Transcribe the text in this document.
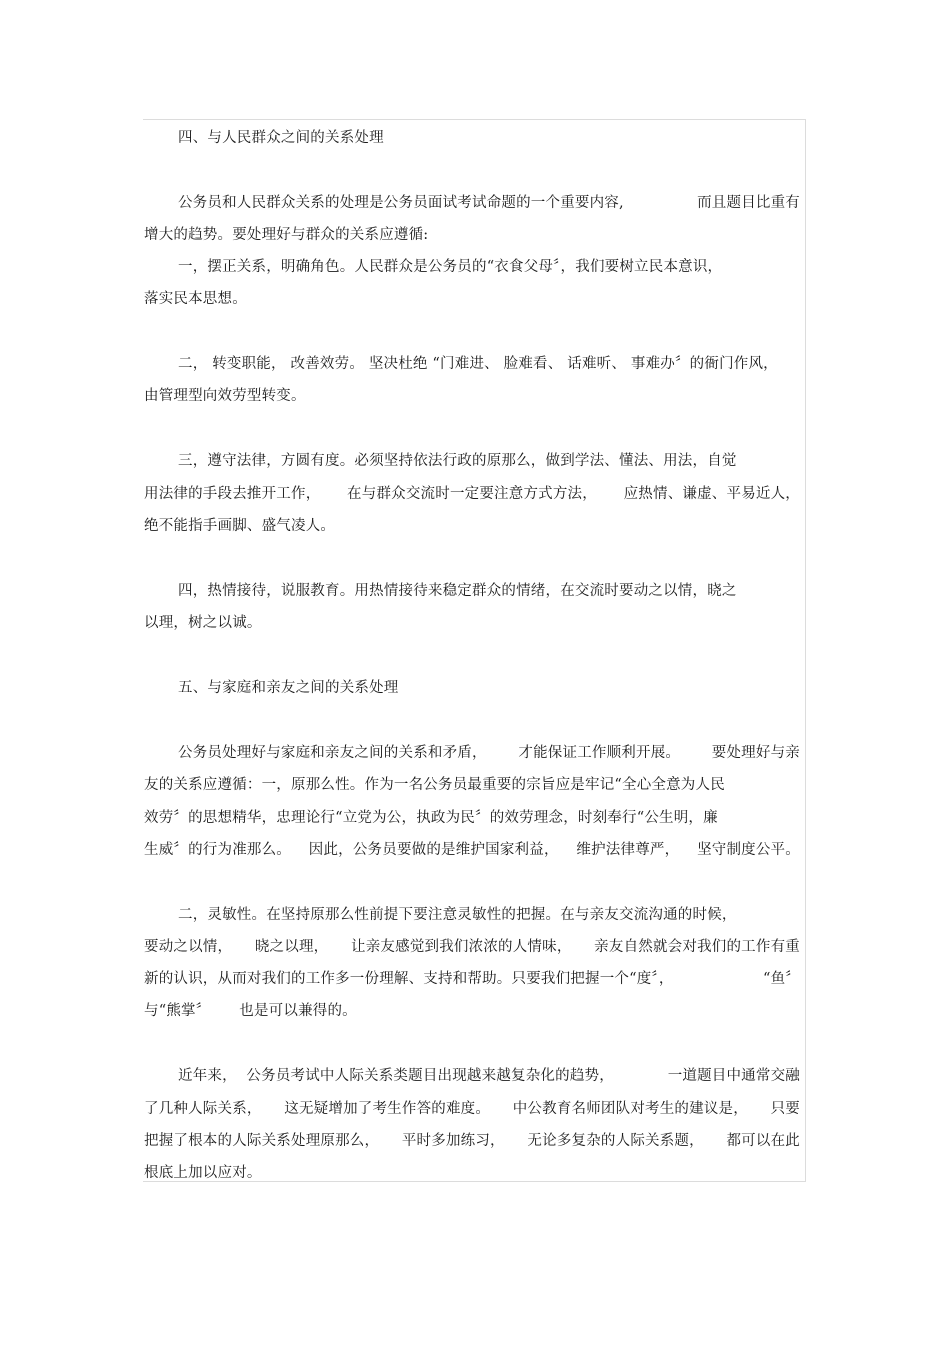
四、与人民群众之间的关系处理
公务员和人民群众关系的处理是公务员面试考试命题的一个重要内容,	而且题目比重有
增大的趋势。要处理好与群众的关系应遵循:
一，摆正关系，明确角色。人民群众是公务员的“衣食父母〞，我们要树立民本意识，
落实民本思想。
二， 转变职能， 改善效劳。 坚决杜绝 “门难进、 脸难看、 话难听、 事难办〞的衙门作风，
由管理型向效劳型转变。
三，遵守法律，方圆有度。必须坚持依法行政的原那么，做到学法、懂法、用法，自觉
用法律的手段去推开工作， 在与群众交流时一定要注意方式方法， 应热情、谦虚、平易近人，
绝不能指手画脚、盛气凌人。
四，热情接待，说服教育。用热情接待来稳定群众的情绪，在交流时要动之以情，晓之
以理，树之以诚。
五、与家庭和亲友之间的关系处理
公务员处理好与家庭和亲友之间的关系和矛盾， 才能保证工作顺利开展。 要处理好与亲
友的关系应遵循：一，原那么性。作为一名公务员最重要的宗旨应是牢记“全心全意为人民
效劳〞的思想精华，忠理论行“立党为公，执政为民〞的效劳理念，时刻奉行“公生明，廉
生威〞的行为准那么。 因此，公务员要做的是维护国家利益， 维护法律尊严， 坚守制度公平。
二，灵敏性。在坚持原那么性前提下要注意灵敏性的把握。在与亲友交流沟通的时候，
要动之以情， 晓之以理， 让亲友感觉到我们浓浓的人情味， 亲友自然就会对我们的工作有重
新的认识，从而对我们的工作多一份理解、支持和帮助。只要我们把握一个“度〞，	“鱼〞
与“熊掌〞      也是可以兼得的。
近年来，  公务员考试中人际关系类题目出现越来越复杂化的趋势，	一道题目中通常交融
了几种人际关系， 这无疑增加了考生作答的难度。 中公教育名师团队对考生的建议是， 只要
把握了根本的人际关系处理原那么， 平时多加练习， 无论多复杂的人际关系题， 都可以在此
根底上加以应对。
